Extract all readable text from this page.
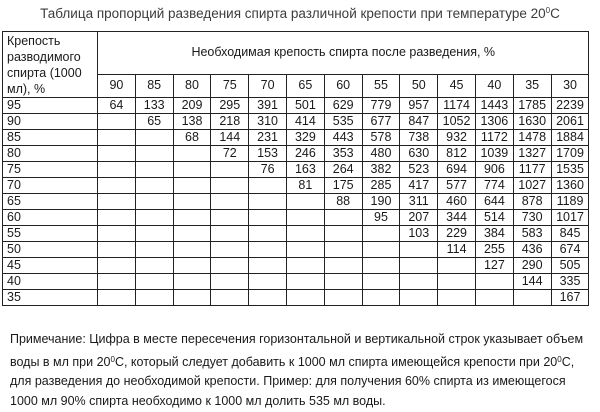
Таблица пропорций разведения спирта различной крепости при температуре $20^0С$
Крепость разводимого спирта (1000 мл), %	Необходимая крепость спирта после разведения, %												
	90	85	80	75	70	65	60	55	50	45	40	35	30
95	64	133	209	295	391	501	629	779	957	1174	1443	1785	2239
90		65	138	218	310	414	535	677	847	1052	1306	1630	2061
85			68	144	231	329	443	578	738	932	1172	1478	1884
80				72	153	246	353	480	630	812	1039	1327	1709
75					76	163	264	382	523	694	906	1177	1535
70						81	175	285	417	577	774	1027	1360
65							88	190	311	460	644	878	1189
60								95	207	344	514	730	1017
55									103	229	384	583	845
50										114	255	436	674
45											127	290	505
40												144	335
35													167

Примечание: Цифра в месте пересечения горизонтальной и вертикальной строк указывает объем воды в мл при $20^0С$, который следует добавить к 1000 мл спирта имеющейся крепости при $20^0С$, для разведения до необходимой крепости. Пример: для получения 60% спирта из имеющегося 1000 мл 90% спирта необходимо к 1000 мл долить 535 мл воды.
